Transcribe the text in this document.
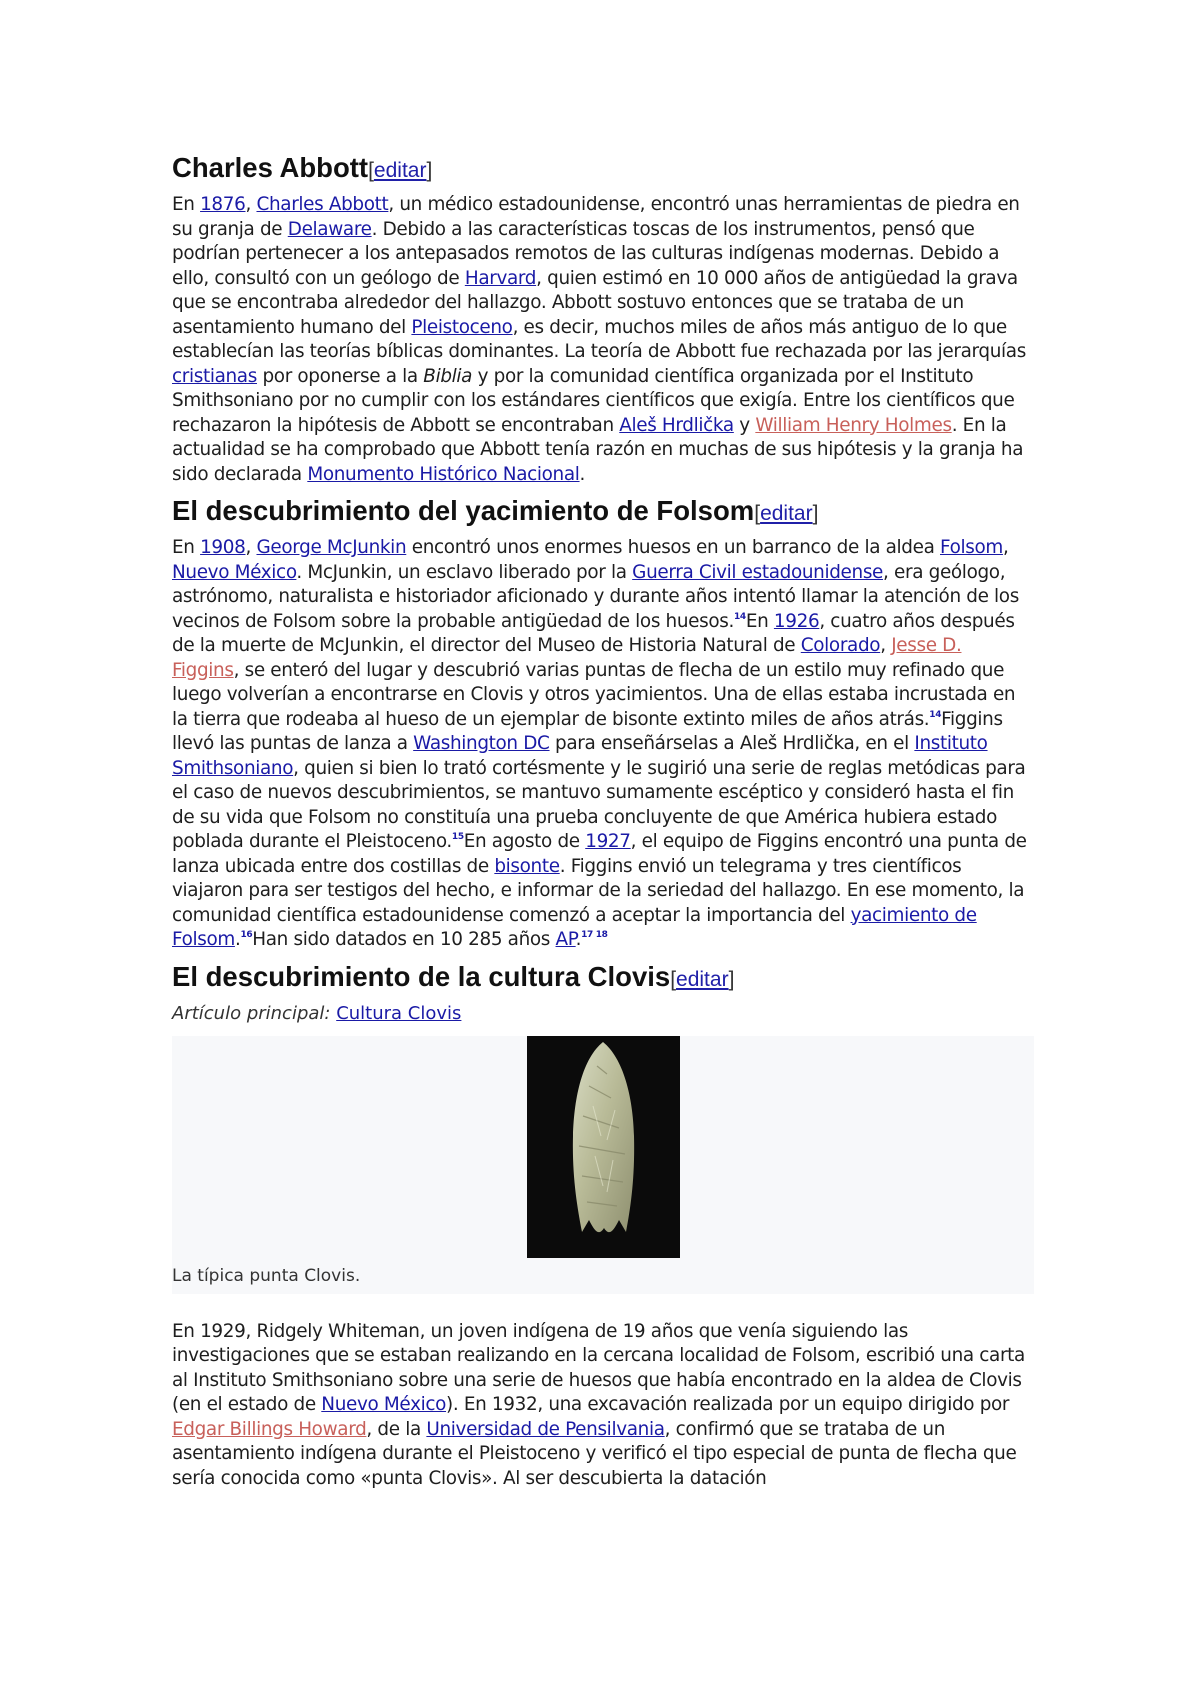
Charles Abbott[editar]

En 1876, Charles Abbott, un médico estadounidense, encontró unas herramientas de piedra en su granja de Delaware. Debido a las características toscas de los instrumentos, pensó que podrían pertenecer a los antepasados remotos de las culturas indígenas modernas. Debido a ello, consultó con un geólogo de Harvard, quien estimó en 10 000 años de antigüedad la grava que se encontraba alrededor del hallazgo. Abbott sostuvo entonces que se trataba de un asentamiento humano del Pleistoceno, es decir, muchos miles de años más antiguo de lo que establecían las teorías bíblicas dominantes. La teoría de Abbott fue rechazada por las jerarquías cristianas por oponerse a la Biblia y por la comunidad científica organizada por el Instituto Smithsoniano por no cumplir con los estándares científicos que exigía. Entre los científicos que rechazaron la hipótesis de Abbott se encontraban Aleš Hrdlička y William Henry Holmes. En la actualidad se ha comprobado que Abbott tenía razón en muchas de sus hipótesis y la granja ha sido declarada Monumento Histórico Nacional.

El descubrimiento del yacimiento de Folsom[editar]

En 1908, George McJunkin encontró unos enormes huesos en un barranco de la aldea Folsom, Nuevo México. McJunkin, un esclavo liberado por la Guerra Civil estadounidense, era geólogo, astrónomo, naturalista e historiador aficionado y durante años intentó llamar la atención de los vecinos de Folsom sobre la probable antigüedad de los huesos.$^{14}$En 1926, cuatro años después de la muerte de McJunkin, el director del Museo de Historia Natural de Colorado, Jesse D. Figgins, se enteró del lugar y descubrió varias puntas de flecha de un estilo muy refinado que luego volverían a encontrarse en Clovis y otros yacimientos. Una de ellas estaba incrustada en la tierra que rodeaba al hueso de un ejemplar de bisonte extinto miles de años atrás.$^{14}$Figgins llevó las puntas de lanza a Washington DC para enseñárselas a Aleš Hrdlička, en el Instituto Smithsoniano, quien si bien lo trató cortésmente y le sugirió una serie de reglas metódicas para el caso de nuevos descubrimientos, se mantuvo sumamente escéptico y consideró hasta el fin de su vida que Folsom no constituía una prueba concluyente de que América hubiera estado poblada durante el Pleistoceno.$^{15}$En agosto de 1927, el equipo de Figgins encontró una punta de lanza ubicada entre dos costillas de bisonte. Figgins envió un telegrama y tres científicos viajaron para ser testigos del hecho, e informar de la seriedad del hallazgo. En ese momento, la comunidad científica estadounidense comenzó a aceptar la importancia del yacimiento de Folsom.$^{16}$Han sido datados en 10 285 años AP.$^{17 18}$

El descubrimiento de la cultura Clovis[editar]
Artículo principal: Cultura Clovis
La típica punta Clovis.

En 1929, Ridgely Whiteman, un joven indígena de 19 años que venía siguiendo las investigaciones que se estaban realizando en la cercana localidad de Folsom, escribió una carta al Instituto Smithsoniano sobre una serie de huesos que había encontrado en la aldea de Clovis (en el estado de Nuevo México). En 1932, una excavación realizada por un equipo dirigido por Edgar Billings Howard, de la Universidad de Pensilvania, confirmó que se trataba de un asentamiento indígena durante el Pleistoceno y verificó el tipo especial de punta de flecha que sería conocida como «punta Clovis». Al ser descubierta la datación
